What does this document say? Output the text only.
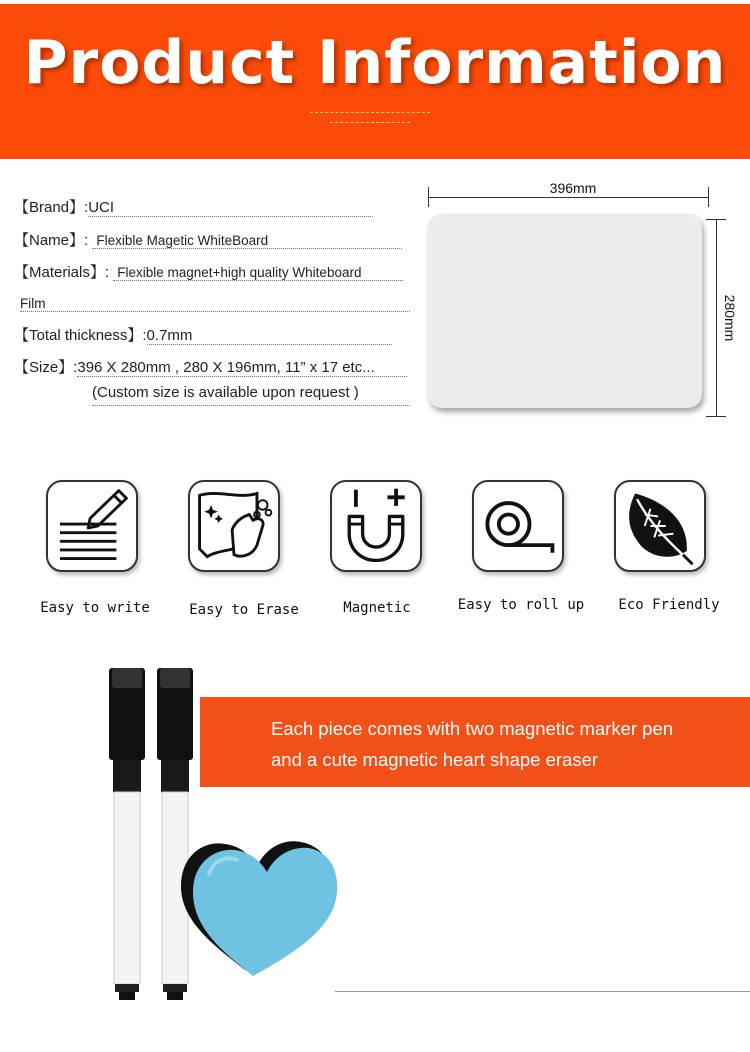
Product Information
【Brand】:UCI
【Name】: Flexible Magetic WhiteBoard
【Materials】: Flexible magnet+high quality Whiteboard
Film
【Total thickness】:0.7mm
【Size】:396 X 280mm , 280 X 196mm, 11” x 17 etc...
(Custom size is available upon request )
396mm
280mm
Easy to write	Easy to Erase	Magnetic	Easy to roll up Eco Friendly
Each piece comes with two magnetic marker pen
and a cute magnetic heart shape eraser
